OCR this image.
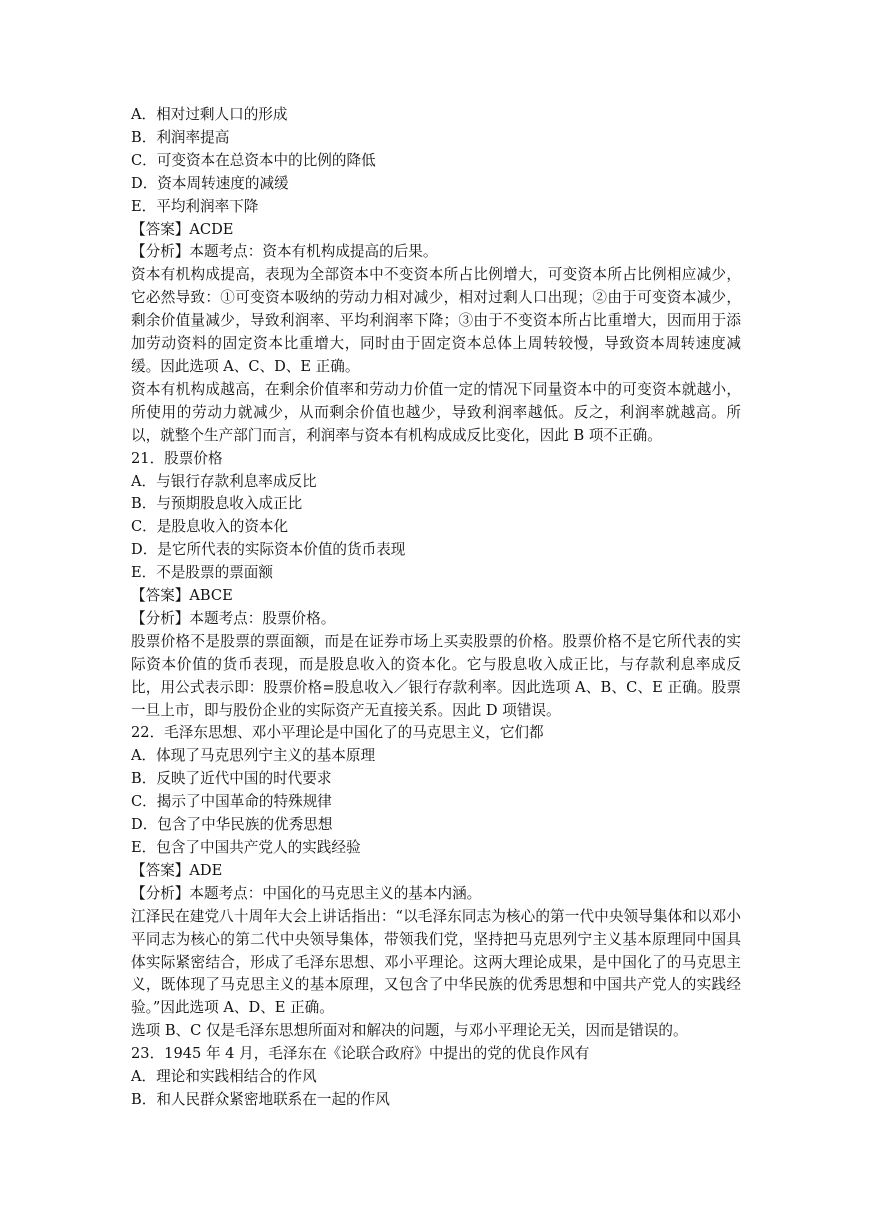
A．相对过剩人口的形成

B．利润率提高

C．可变资本在总资本中的比例的降低

D．资本周转速度的减缓

E．平均利润率下降

【答案】ACDE

【分析】本题考点：资本有机构成提高的后果。

资本有机构成提高，表现为全部资本中不变资本所占比例增大，可变资本所占比例相应减少，它必然导致：①可变资本吸纳的劳动力相对减少，相对过剩人口出现；②由于可变资本减少，剩余价值量减少，导致利润率、平均利润率下降；③由于不变资本所占比重增大，因而用于添加劳动资料的固定资本比重增大，同时由于固定资本总体上周转较慢，导致资本周转速度减缓。因此选项 A、C、D、E 正确。

资本有机构成越高，在剩余价值率和劳动力价值一定的情况下同量资本中的可变资本就越小，所使用的劳动力就减少，从而剩余价值也越少，导致利润率越低。反之，利润率就越高。所以，就整个生产部门而言，利润率与资本有机构成成反比变化，因此 B 项不正确。

21．股票价格

A．与银行存款利息率成反比

B．与预期股息收入成正比

C．是股息收入的资本化

D．是它所代表的实际资本价值的货币表现

E．不是股票的票面额

【答案】ABCE

【分析】本题考点：股票价格。

股票价格不是股票的票面额，而是在证券市场上买卖股票的价格。股票价格不是它所代表的实际资本价值的货币表现，而是股息收入的资本化。它与股息收入成正比，与存款利息率成反比，用公式表示即：股票价格=股息收入／银行存款利率。因此选项 A、B、C、E 正确。股票一旦上市，即与股份企业的实际资产无直接关系。因此 D 项错误。

22．毛泽东思想、邓小平理论是中国化了的马克思主义，它们都

A．体现了马克思列宁主义的基本原理

B．反映了近代中国的时代要求

C．揭示了中国革命的特殊规律

D．包含了中华民族的优秀思想

E．包含了中国共产党人的实践经验

【答案】ADE

【分析】本题考点：中国化的马克思主义的基本内涵。

江泽民在建党八十周年大会上讲话指出：“以毛泽东同志为核心的第一代中央领导集体和以邓小平同志为核心的第二代中央领导集体，带领我们党，坚持把马克思列宁主义基本原理同中国具体实际紧密结合，形成了毛泽东思想、邓小平理论。这两大理论成果，是中国化了的马克思主义，既体现了马克思主义的基本原理，又包含了中华民族的优秀思想和中国共产党人的实践经验。”因此选项 A、D、E 正确。

选项 B、C 仅是毛泽东思想所面对和解决的问题，与邓小平理论无关，因而是错误的。

23．1945 年 4 月，毛泽东在《论联合政府》中提出的党的优良作风有

A．理论和实践相结合的作风

B．和人民群众紧密地联系在一起的作风
